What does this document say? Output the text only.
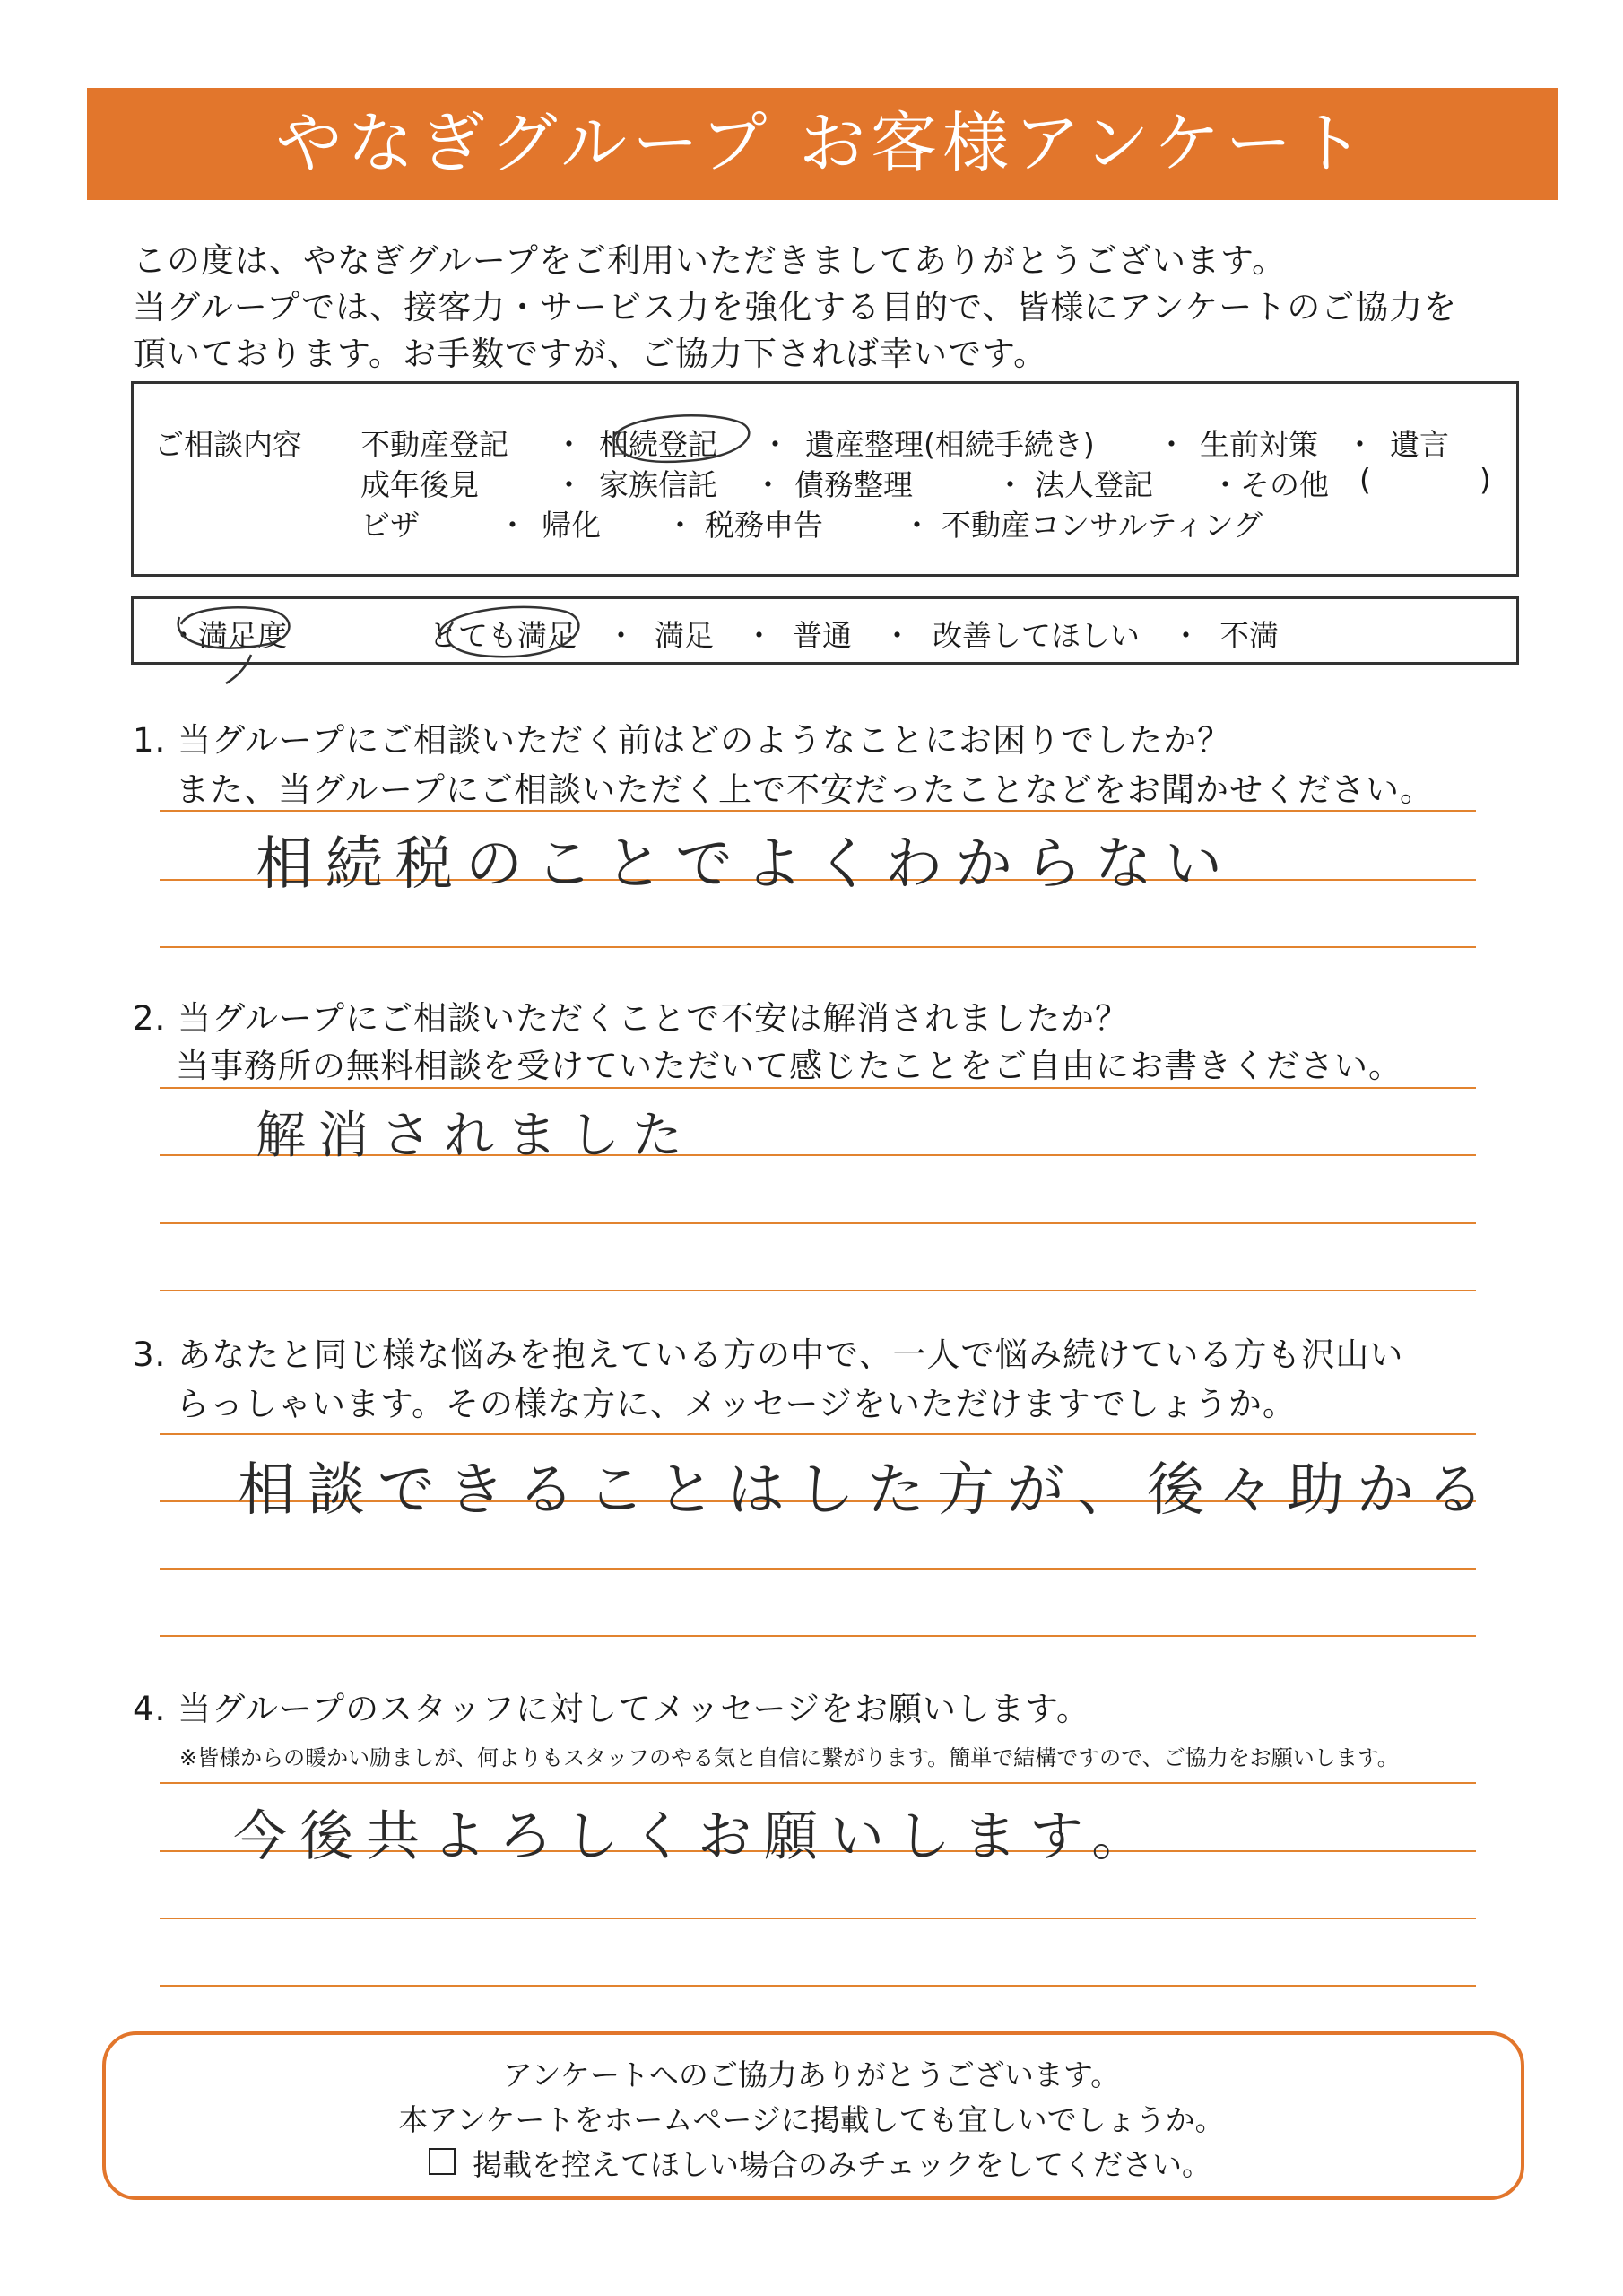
やなぎグループ お客様アンケート
この度は、やなぎグループをご利用いただきましてありがとうございます。
当グループでは、接客力・サービス力を強化する目的で、皆様にアンケートのご協力を
頂いております。お手数ですが、ご協力下されば幸いです。
ご相談内容 不動産登記 ・ 相続登記 ・ 遺産整理(相続手続き) ・ 生前対策 ・ 遺言
成年後見	・ 家族信託 ・ 債務整理	・ 法人登記 ・その他 (	)
ビザ	・ 帰化 ・ 税務申告	・ 不動産コンサルティング
・満足度	とても満足 ・ 満足 ・ 普通 ・ 改善してほしい ・ 不満
1. 当グループにご相談いただく前はどのようなことにお困りでしたか？
また、当グループにご相談いただく上で不安だったことなどをお聞かせください。
相続税のことでよくわからない
2. 当グループにご相談いただくことで不安は解消されましたか？
当事務所の無料相談を受けていただいて感じたことをご自由にお書きください。
解消されました
3. あなたと同じ様な悩みを抱えている方の中で、一人で悩み続けている方も沢山い
らっしゃいます。その様な方に、メッセージをいただけますでしょうか。
相談できることはした方が、後々助かる
4. 当グループのスタッフに対してメッセージをお願いします。
※皆様からの暖かい励ましが、何よりもスタッフのやる気と自信に繋がります。簡単で結構ですので、ご協力をお願いします。
今後共よろしくお願いします。
アンケートへのご協力ありがとうございます。
本アンケートをホームページに掲載しても宜しいでしょうか。
掲載を控えてほしい場合のみチェックをしてください。
